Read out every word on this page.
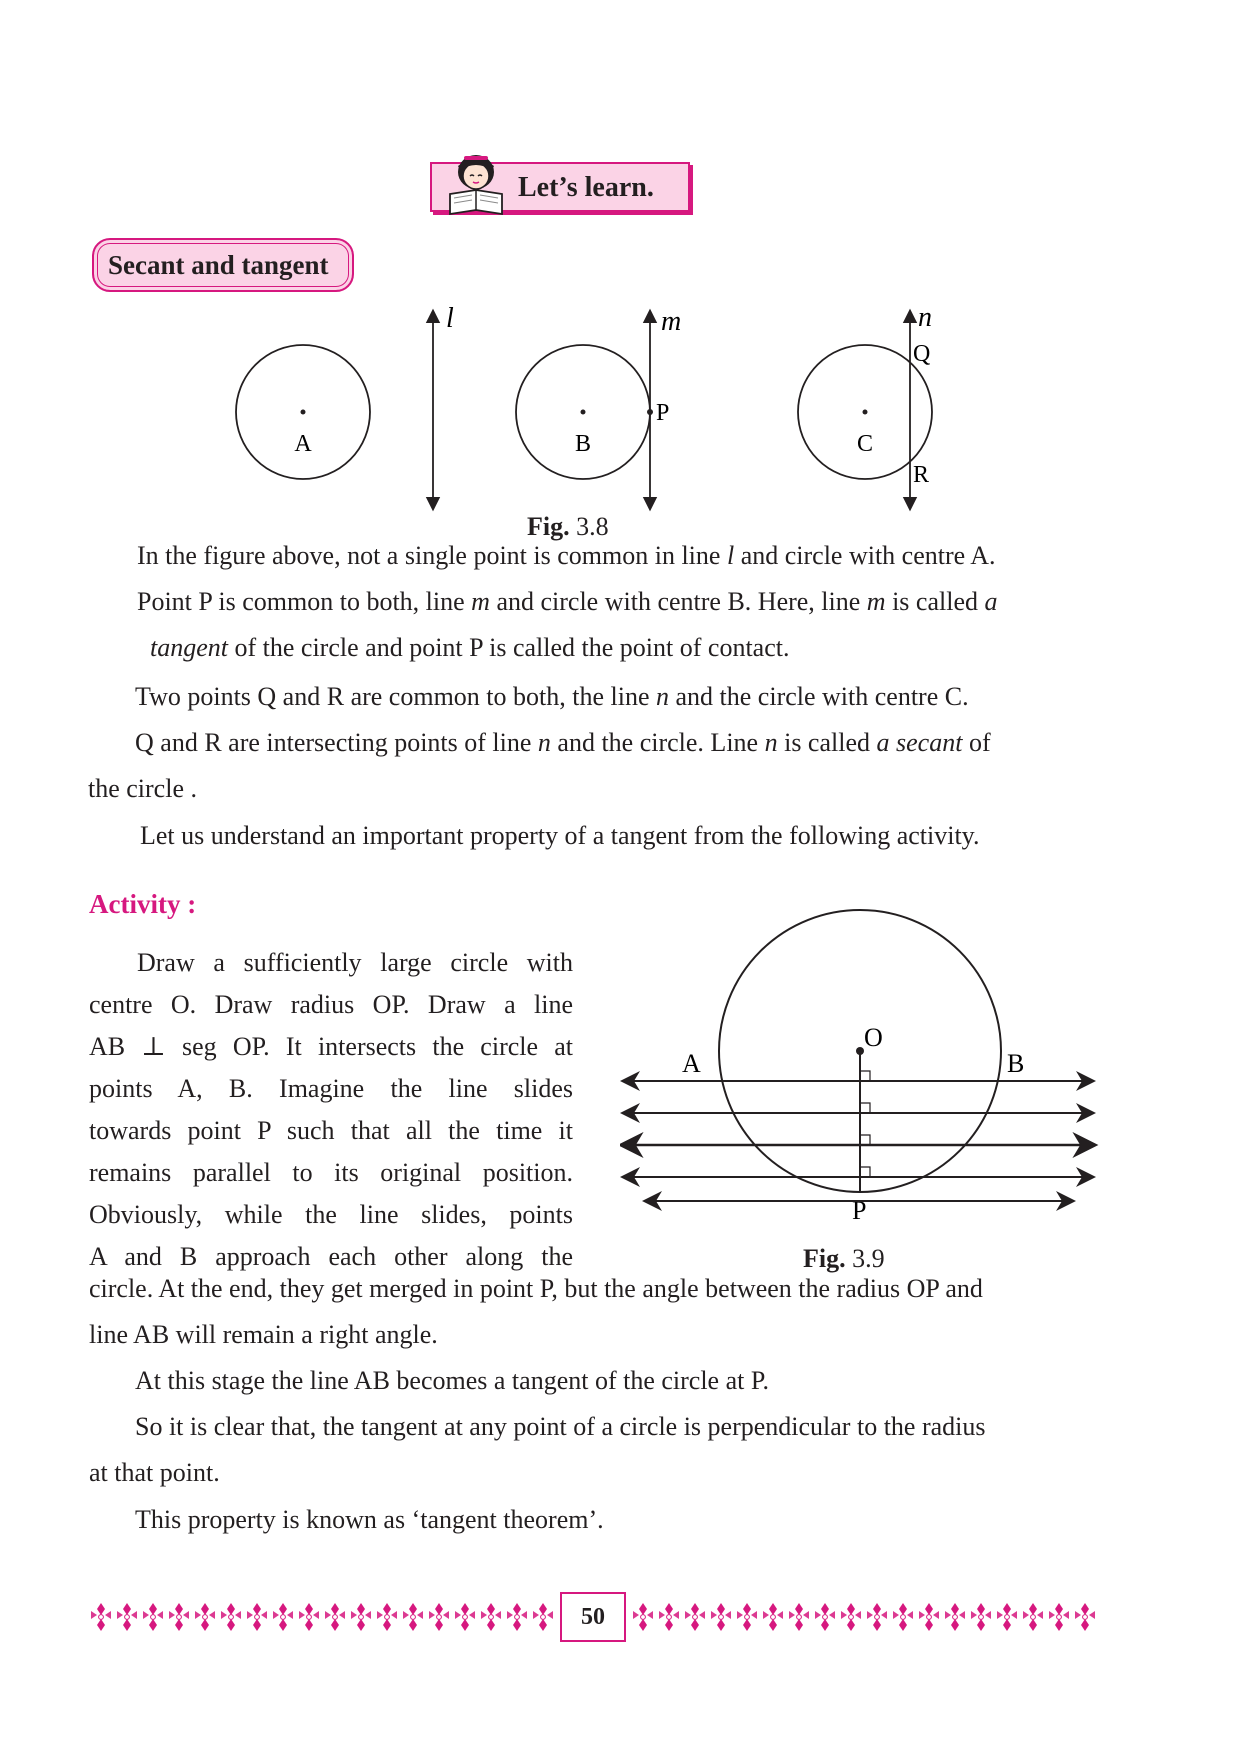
Let’s learn.
Secant and tangent
A
l
B
P
m
C
Q
R
n
Fig. 3.8
In the figure above, not a single point is common in line l and circle with centre A.
Point P is common to both, line m and circle with centre B. Here, line m is called a
tangent of the circle and point P is called the point of contact.
Two points Q and R are common to both, the line n and the circle with centre C.
Q and R are intersecting points of line n and the circle. Line n is called a secant of
the circle .
Let us understand an important property of a tangent from the following activity.
Activity :
Draw a sufficiently large circle with
centre O. Draw radius OP. Draw a line
AB ⊥ seg OP. It intersects the circle at
points A, B. Imagine the line slides
towards point P such that all the time it
remains parallel to its original position.
Obviously, while the line slides, points
A and B approach each other along the
O
A	B
P
Fig. 3.9
circle. At the end, they get merged in point P, but the angle between the radius OP and
line AB will remain a right angle.
At this stage the line AB becomes a tangent of the circle at P.
So it is clear that, the tangent at any point of a circle is perpendicular to the radius
at that point.
This property is known as ‘tangent theorem’.
50
